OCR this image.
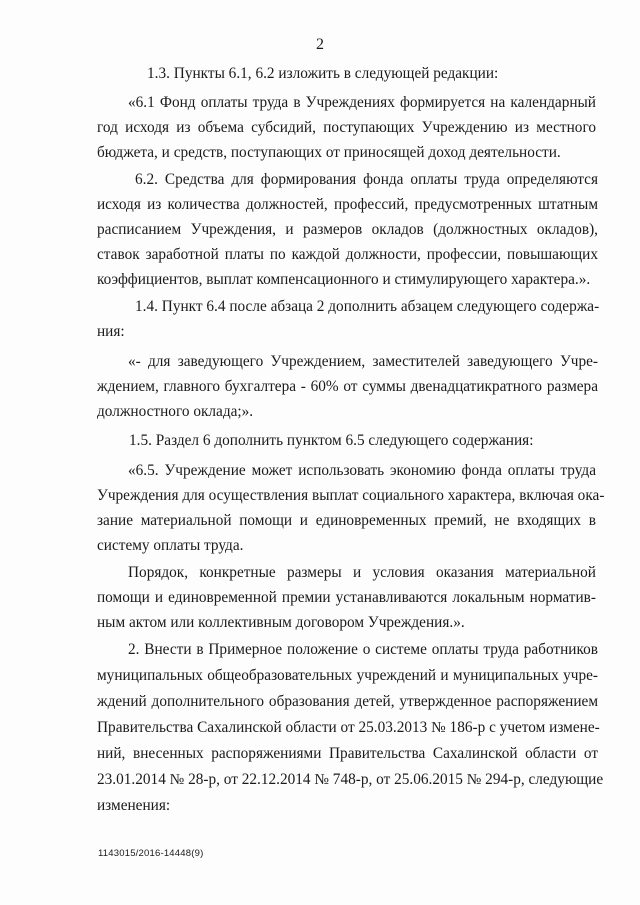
2
1.3. Пункты 6.1, 6.2 изложить в следующей редакции:
«6.1 Фонд оплаты труда в Учреждениях формируется на календарный
год исходя из объема субсидий, поступающих Учреждению из местного
бюджета, и средств, поступающих от приносящей доход деятельности.
6.2. Средства для формирования фонда оплаты труда определяются
исходя из количества должностей, профессий, предусмотренных штатным
расписанием Учреждения, и размеров окладов (должностных окладов),
ставок заработной платы по каждой должности, профессии, повышающих
коэффициентов, выплат компенсационного и стимулирующего характера.».
1.4. Пункт 6.4 после абзаца 2 дополнить абзацем следующего содержа-
ния:
«- для заведующего Учреждением, заместителей заведующего Учре-
ждением, главного бухгалтера - 60% от суммы двенадцатикратного размера
должностного оклада;».
1.5. Раздел 6 дополнить пунктом 6.5 следующего содержания:
«6.5. Учреждение может использовать экономию фонда оплаты труда
Учреждения для осуществления выплат социального характера, включая ока-
зание материальной помощи и единовременных премий, не входящих в
систему оплаты труда.
Порядок, конкретные размеры и условия оказания материальной
помощи и единовременной премии устанавливаются локальным норматив-
ным актом или коллективным договором Учреждения.».
2. Внести в Примерное положение о системе оплаты труда работников
муниципальных общеобразовательных учреждений и муниципальных учре-
ждений дополнительного образования детей, утвержденное распоряжением
Правительства Сахалинской области от 25.03.2013 № 186-р с учетом измене-
ний, внесенных распоряжениями Правительства Сахалинской области от
23.01.2014 № 28-р, от 22.12.2014 № 748-р, от 25.06.2015 № 294-р, следующие
изменения:
1143015/2016-14448(9)
